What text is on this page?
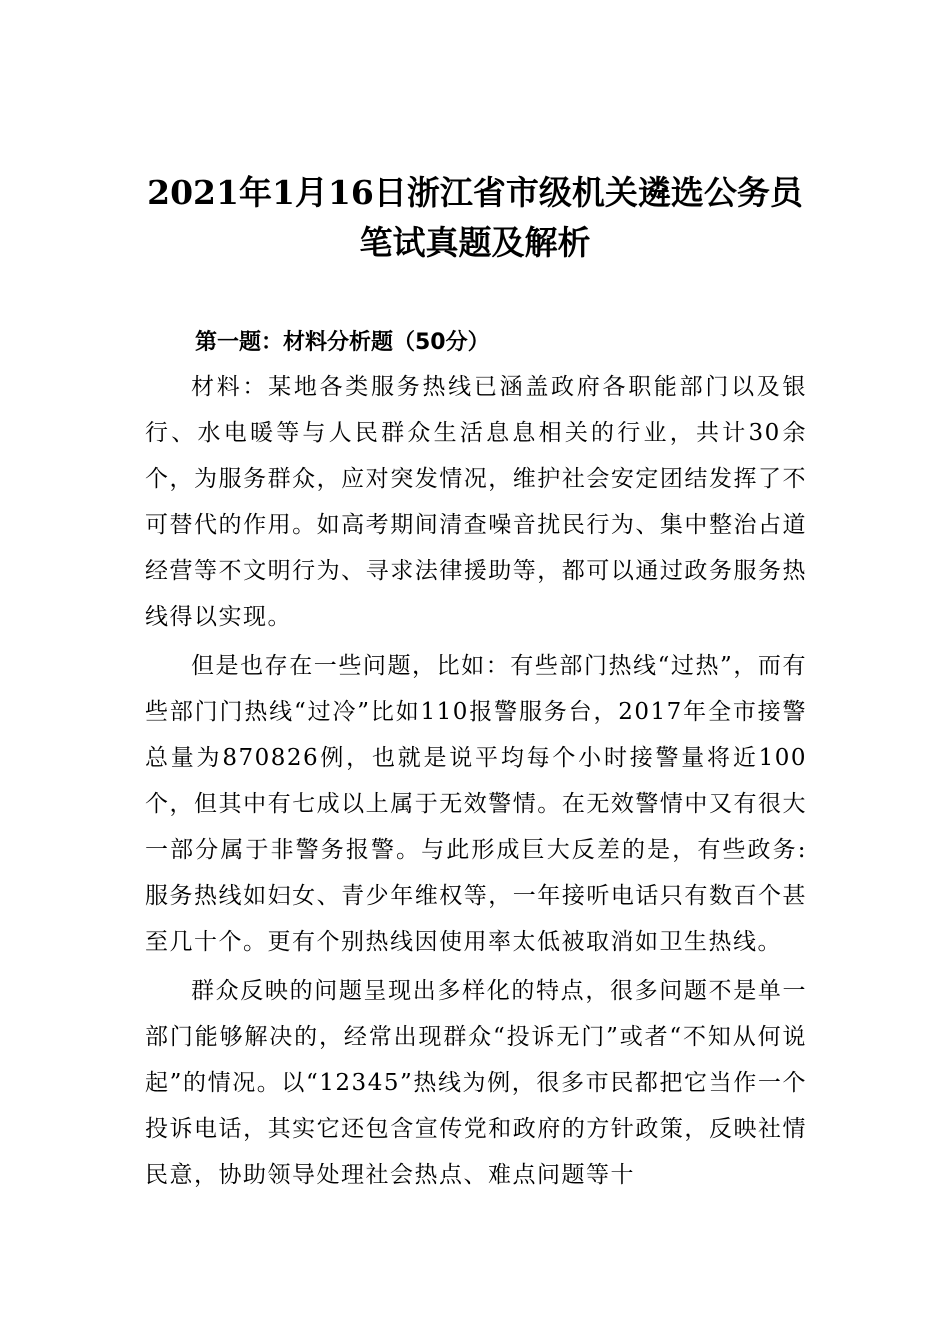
2021年1月16日浙江省市级机关遴选公务员笔试真题及解析
第一题：材料分析题（50分）

材料：某地各类服务热线已涵盖政府各职能部门以及银行、水电暖等与人民群众生活息息相关的行业，共计30余个，为服务群众，应对突发情况，维护社会安定团结发挥了不可替代的作用。如高考期间清查噪音扰民行为、集中整治占道经营等不文明行为、寻求法律援助等，都可以通过政务服务热线得以实现。

但是也存在一些问题，比如：有些部门热线“过热”，而有些部门门热线“过冷”比如110报警服务台，2017年全市接警总量为870826例，也就是说平均每个小时接警量将近100个，但其中有七成以上属于无效警情。在无效警情中又有很大一部分属于非警务报警。与此形成巨大反差的是，有些政务:服务热线如妇女、青少年维权等，一年接听电话只有数百个甚至几十个。更有个别热线因使用率太低被取消如卫生热线。

群众反映的问题呈现出多样化的特点，很多问题不是单一部门能够解决的，经常出现群众“投诉无门”或者“不知从何说起”的情况。以“12345”热线为例，很多市民都把它当作一个投诉电话，其实它还包含宣传党和政府的方针政策，反映社情民意，协助领导处理社会热点、难点问题等十
